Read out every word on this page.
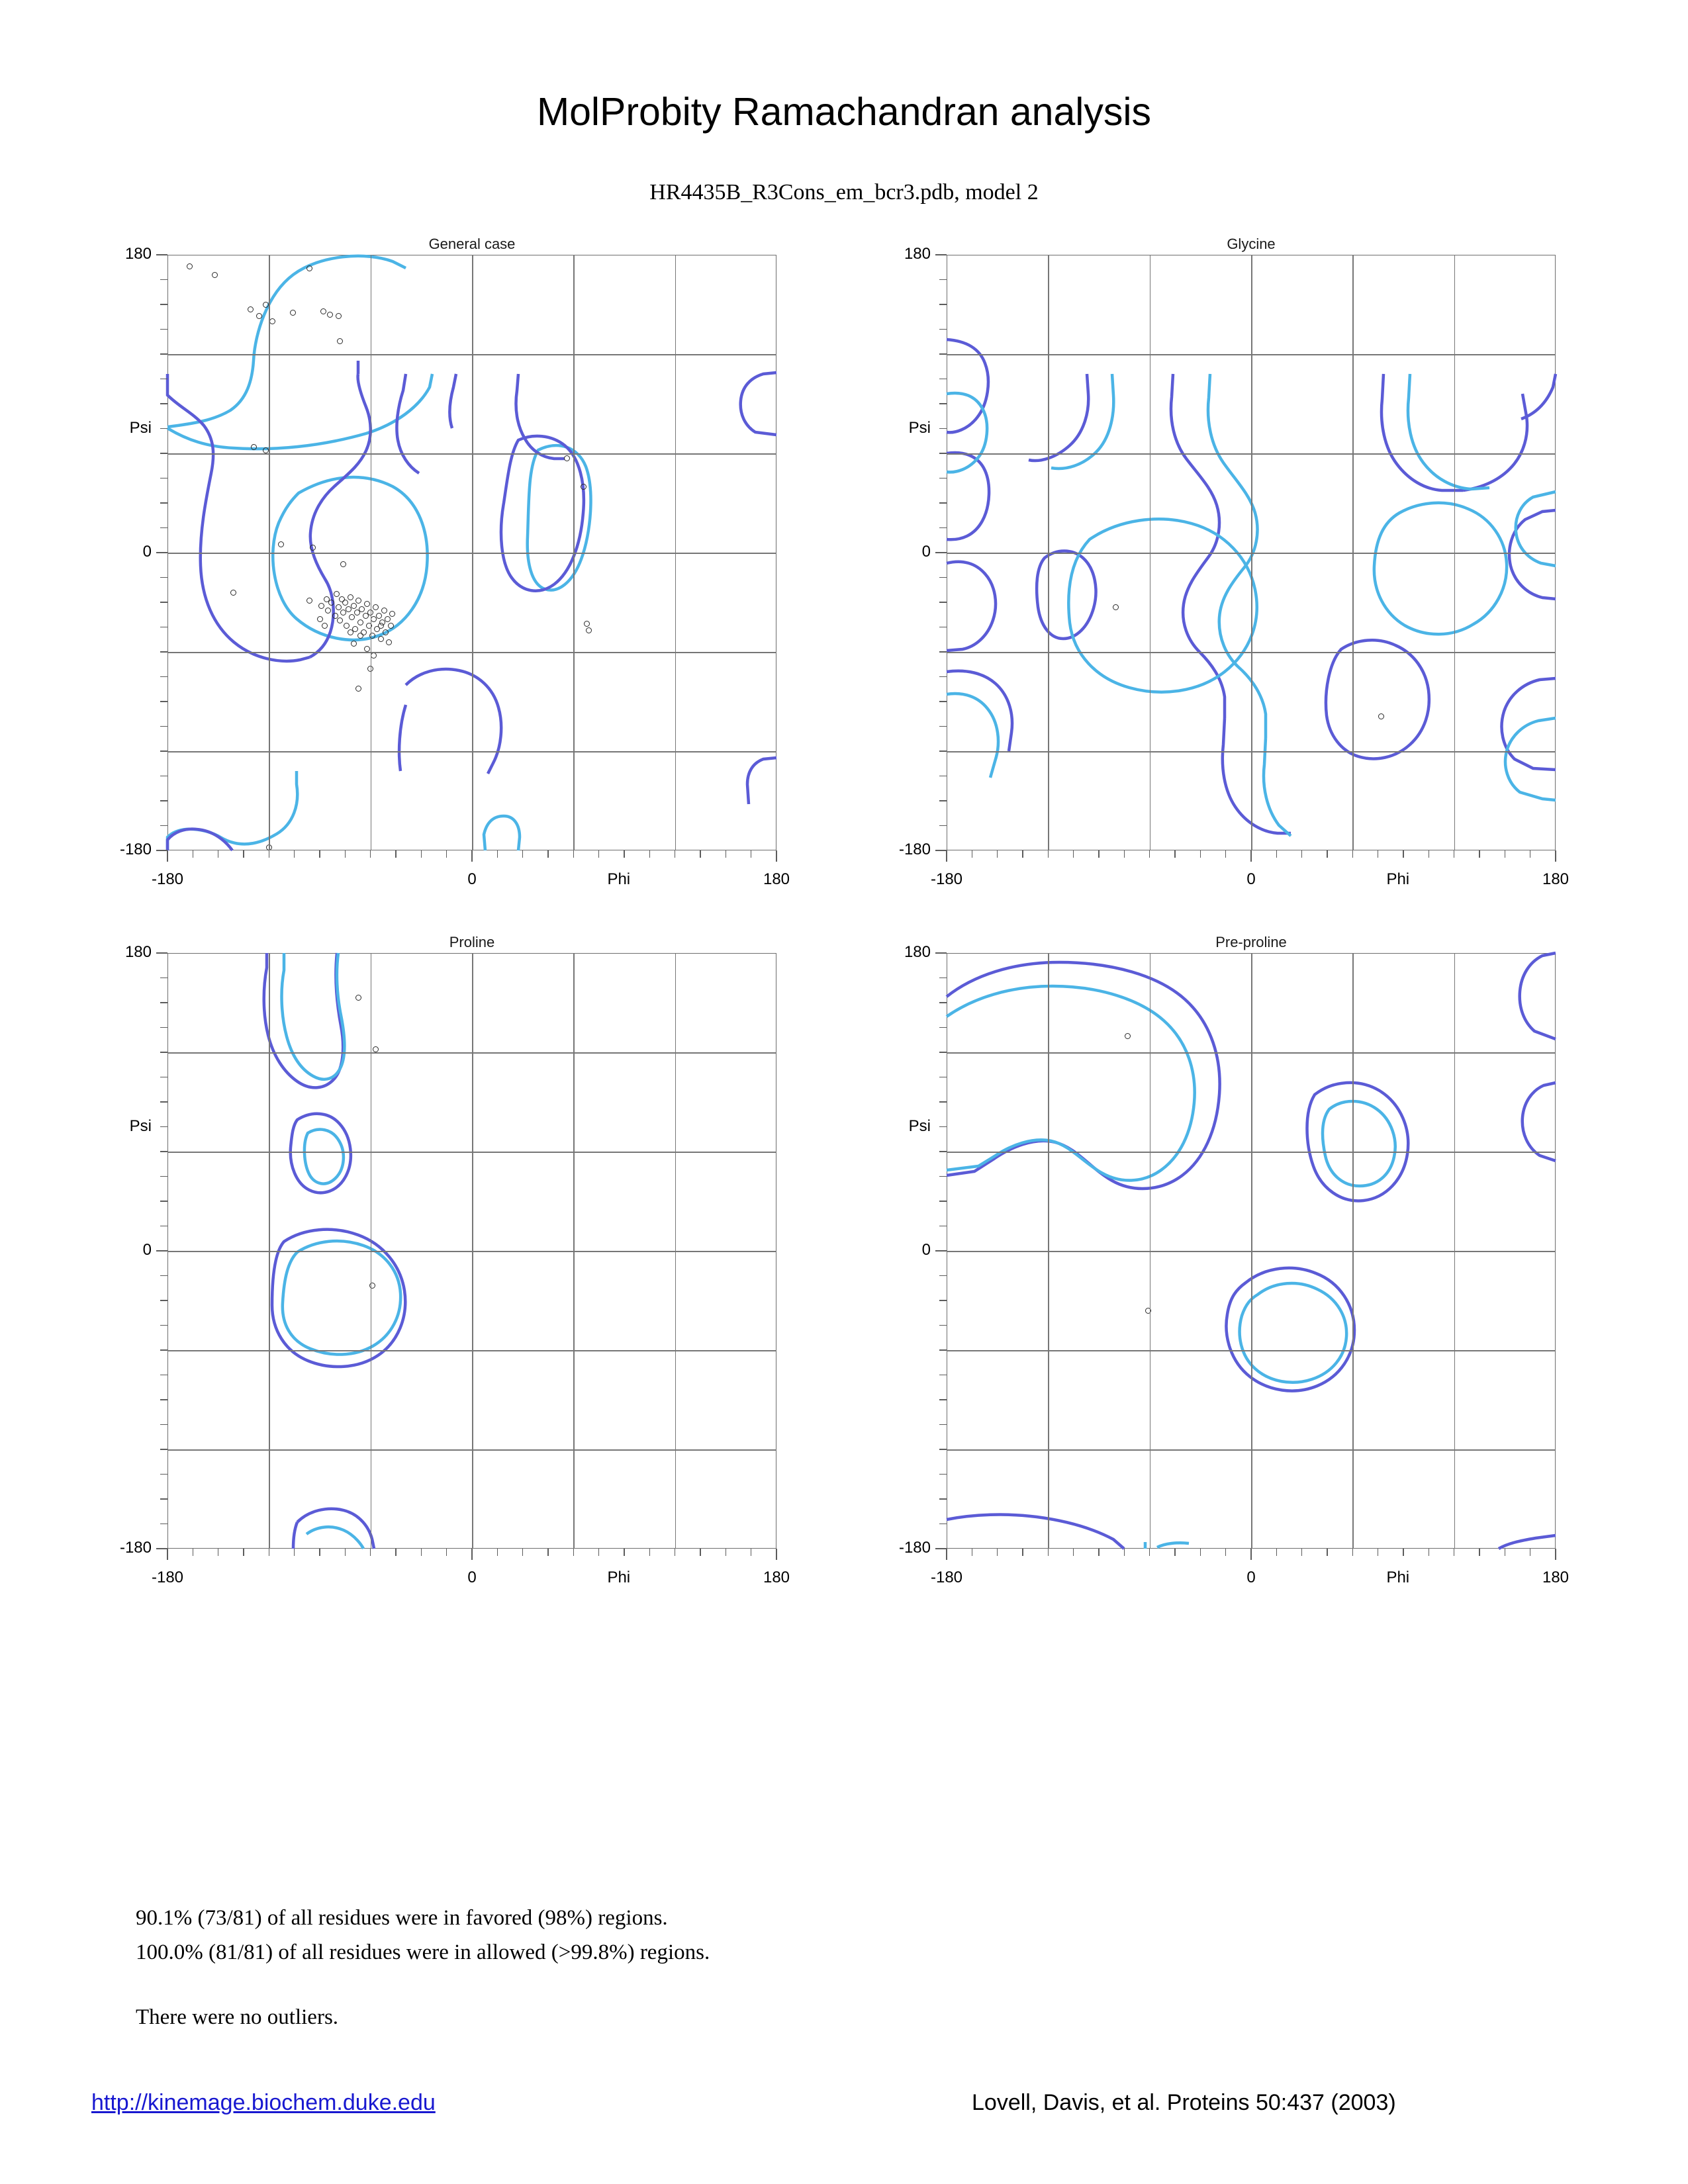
MolProbity Ramachandran analysis
HR4435B_R3Cons_em_bcr3.pdb, model 2
General case
-180	0	180
Phi
180
0
-180
Psi
Glycine
-180	0	180
Phi
180
0
-180
Psi
Proline
-180	0	180
Phi
180
0
-180
Psi
Pre-proline
-180	0	180
Phi
180
0
-180
Psi
90.1% (73/81) of all residues were in favored (98%) regions.
100.0% (81/81) of all residues were in allowed (>99.8%) regions.
There were no outliers.
http://kinemage.biochem.duke.edu	Lovell, Davis, et al. Proteins 50:437 (2003)
